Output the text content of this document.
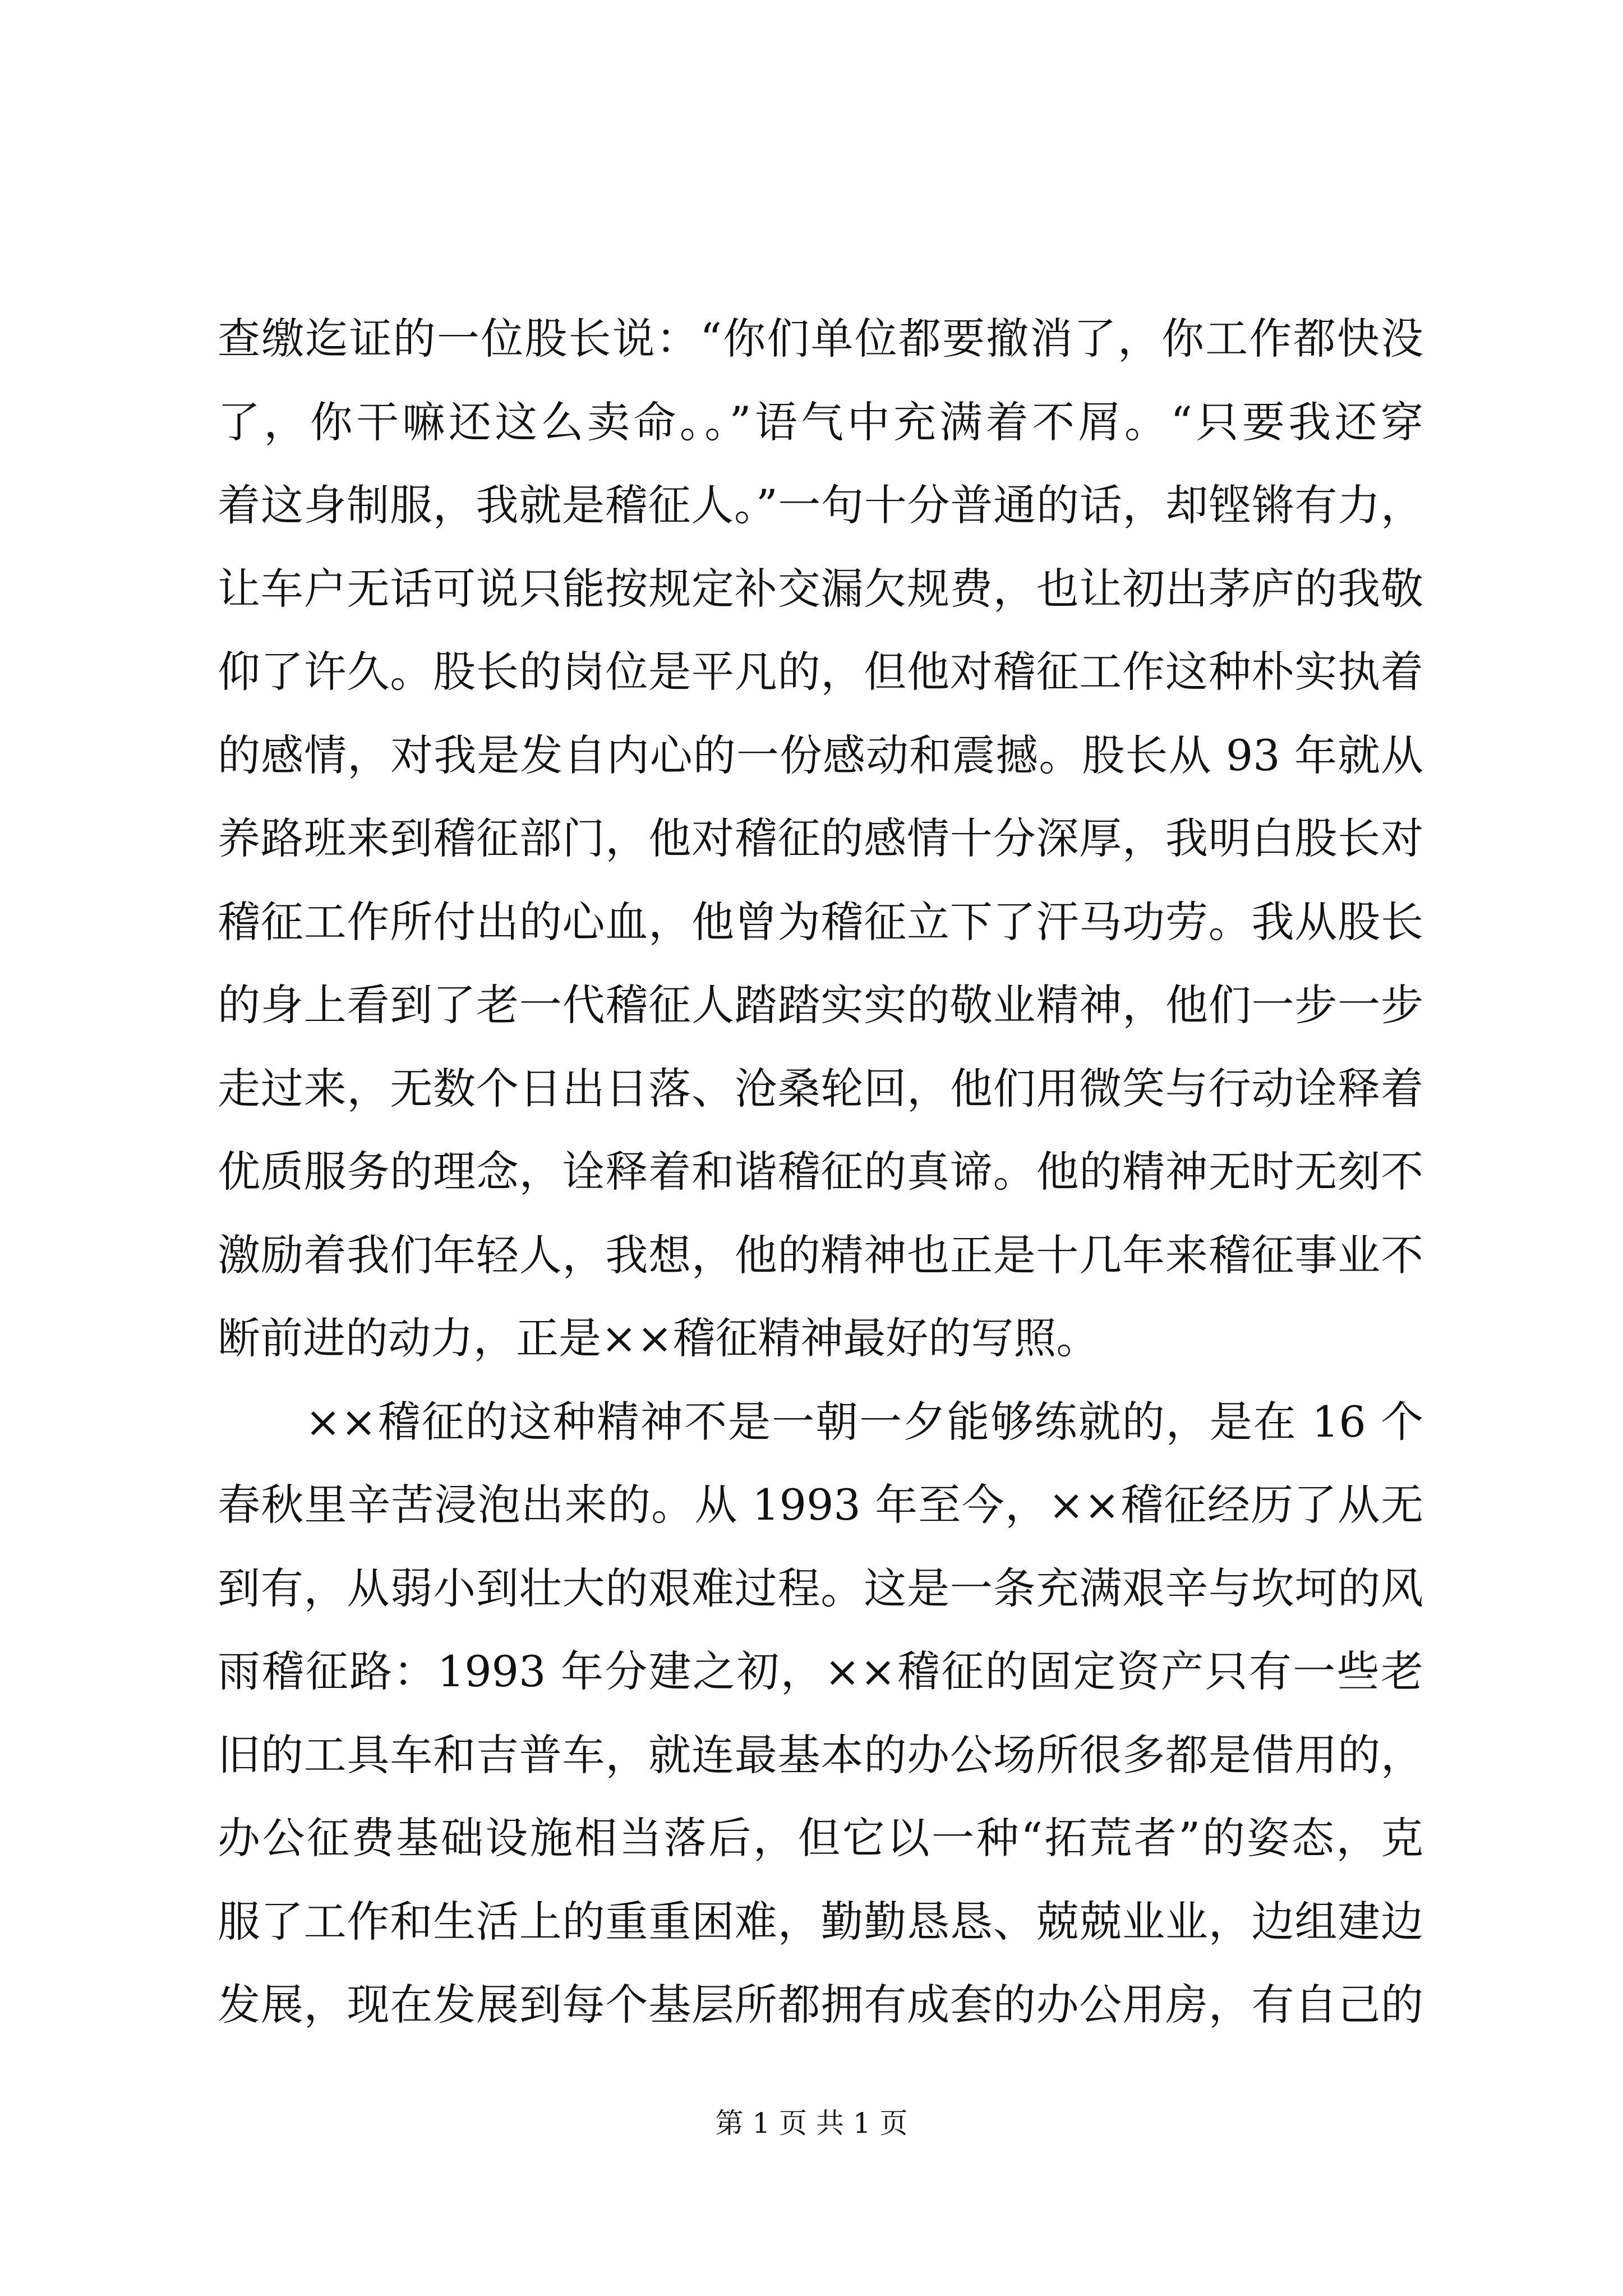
查缴迄证的一位股长说：“你们单位都要撤消了，你工作都快没
了，你干嘛还这么卖命。。”语气中充满着不屑。“只要我还穿
着这身制服，我就是稽征人。”一句十分普通的话，却铿锵有力，
让车户无话可说只能按规定补交漏欠规费，也让初出茅庐的我敬
仰了许久。股长的岗位是平凡的，但他对稽征工作这种朴实执着
的感情，对我是发自内心的一份感动和震撼。股长从 93 年就从
养路班来到稽征部门，他对稽征的感情十分深厚，我明白股长对
稽征工作所付出的心血，他曾为稽征立下了汗马功劳。我从股长
的身上看到了老一代稽征人踏踏实实的敬业精神，他们一步一步
走过来，无数个日出日落、沧桑轮回，他们用微笑与行动诠释着
优质服务的理念，诠释着和谐稽征的真谛。他的精神无时无刻不
激励着我们年轻人，我想，他的精神也正是十几年来稽征事业不
断前进的动力，正是××稽征精神最好的写照。
　　××稽征的这种精神不是一朝一夕能够练就的，是在 16 个
春秋里辛苦浸泡出来的。从 1993 年至今，××稽征经历了从无
到有，从弱小到壮大的艰难过程。这是一条充满艰辛与坎坷的风
雨稽征路：1993 年分建之初，××稽征的固定资产只有一些老
旧的工具车和吉普车，就连最基本的办公场所很多都是借用的，
办公征费基础设施相当落后，但它以一种“拓荒者”的姿态，克
服了工作和生活上的重重困难，勤勤恳恳、兢兢业业，边组建边
发展，现在发展到每个基层所都拥有成套的办公用房，有自己的
第 1 页 共 1 页
